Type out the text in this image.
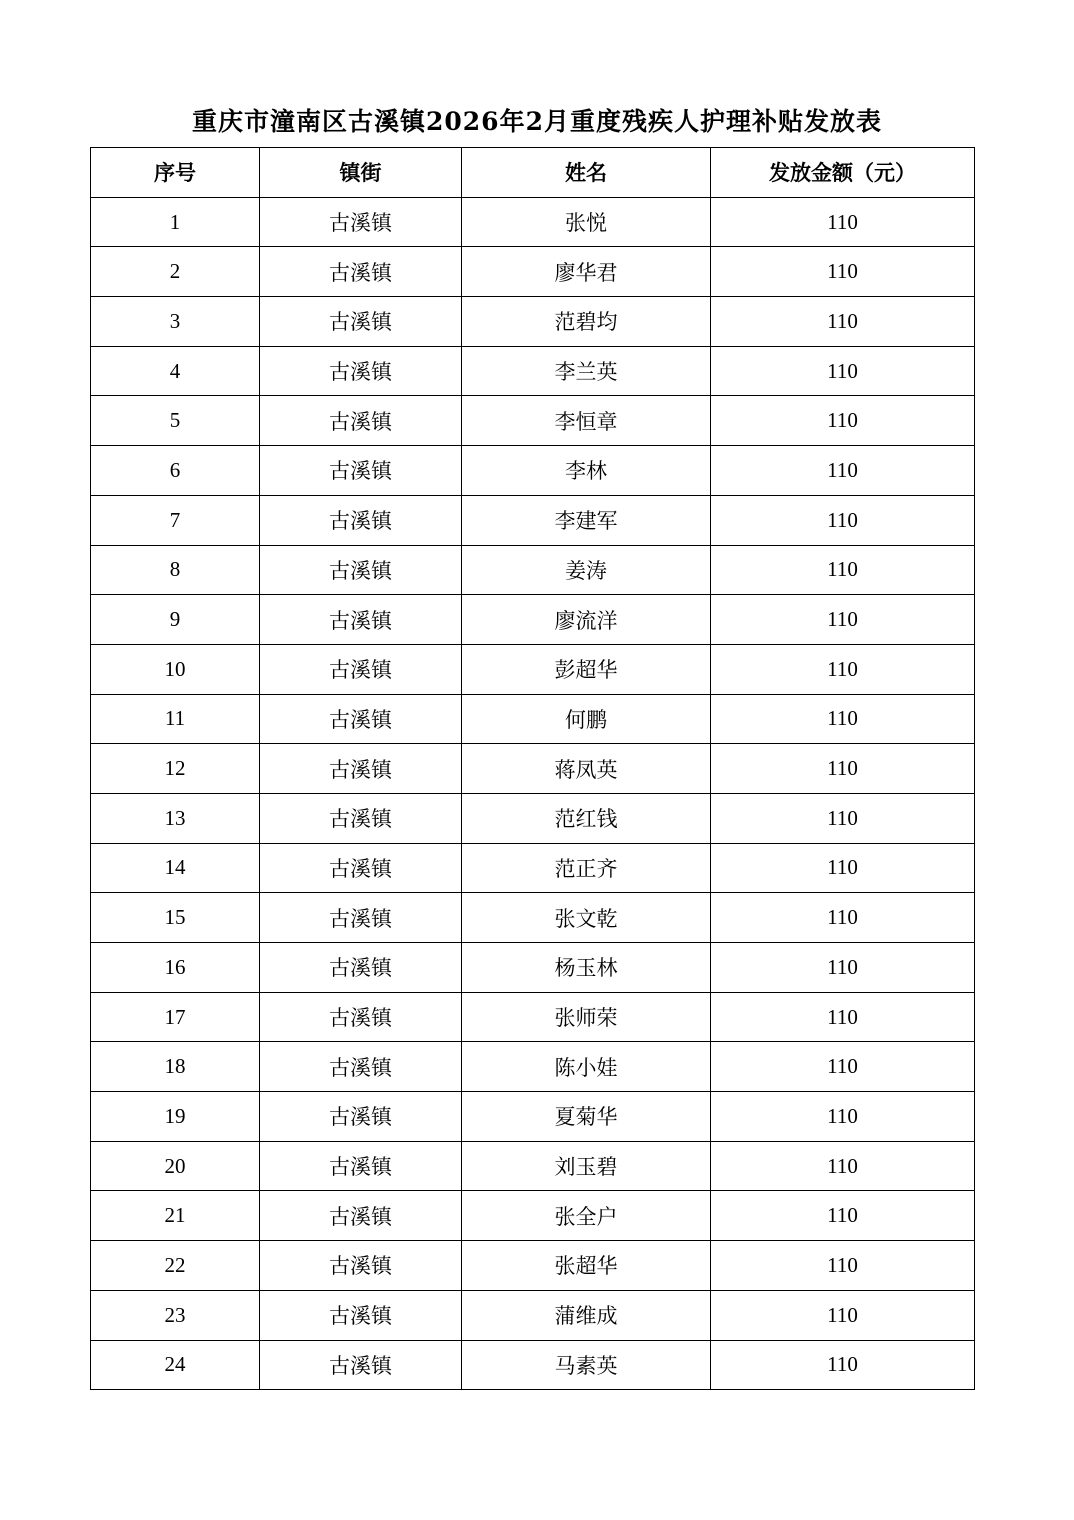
重庆市潼南区古溪镇2026年2月重度残疾人护理补贴发放表
序号	镇街	姓名	发放金额（元）
1	古溪镇	张悦	110
2	古溪镇	廖华君	110
3	古溪镇	范碧均	110
4	古溪镇	李兰英	110
5	古溪镇	李恒章	110
6	古溪镇	李林	110
7	古溪镇	李建军	110
8	古溪镇	姜涛	110
9	古溪镇	廖流洋	110
10	古溪镇	彭超华	110
11	古溪镇	何鹏	110
12	古溪镇	蒋凤英	110
13	古溪镇	范红钱	110
14	古溪镇	范正齐	110
15	古溪镇	张文乾	110
16	古溪镇	杨玉林	110
17	古溪镇	张师荣	110
18	古溪镇	陈小娃	110
19	古溪镇	夏菊华	110
20	古溪镇	刘玉碧	110
21	古溪镇	张全户	110
22	古溪镇	张超华	110
23	古溪镇	蒲维成	110
24	古溪镇	马素英	110
